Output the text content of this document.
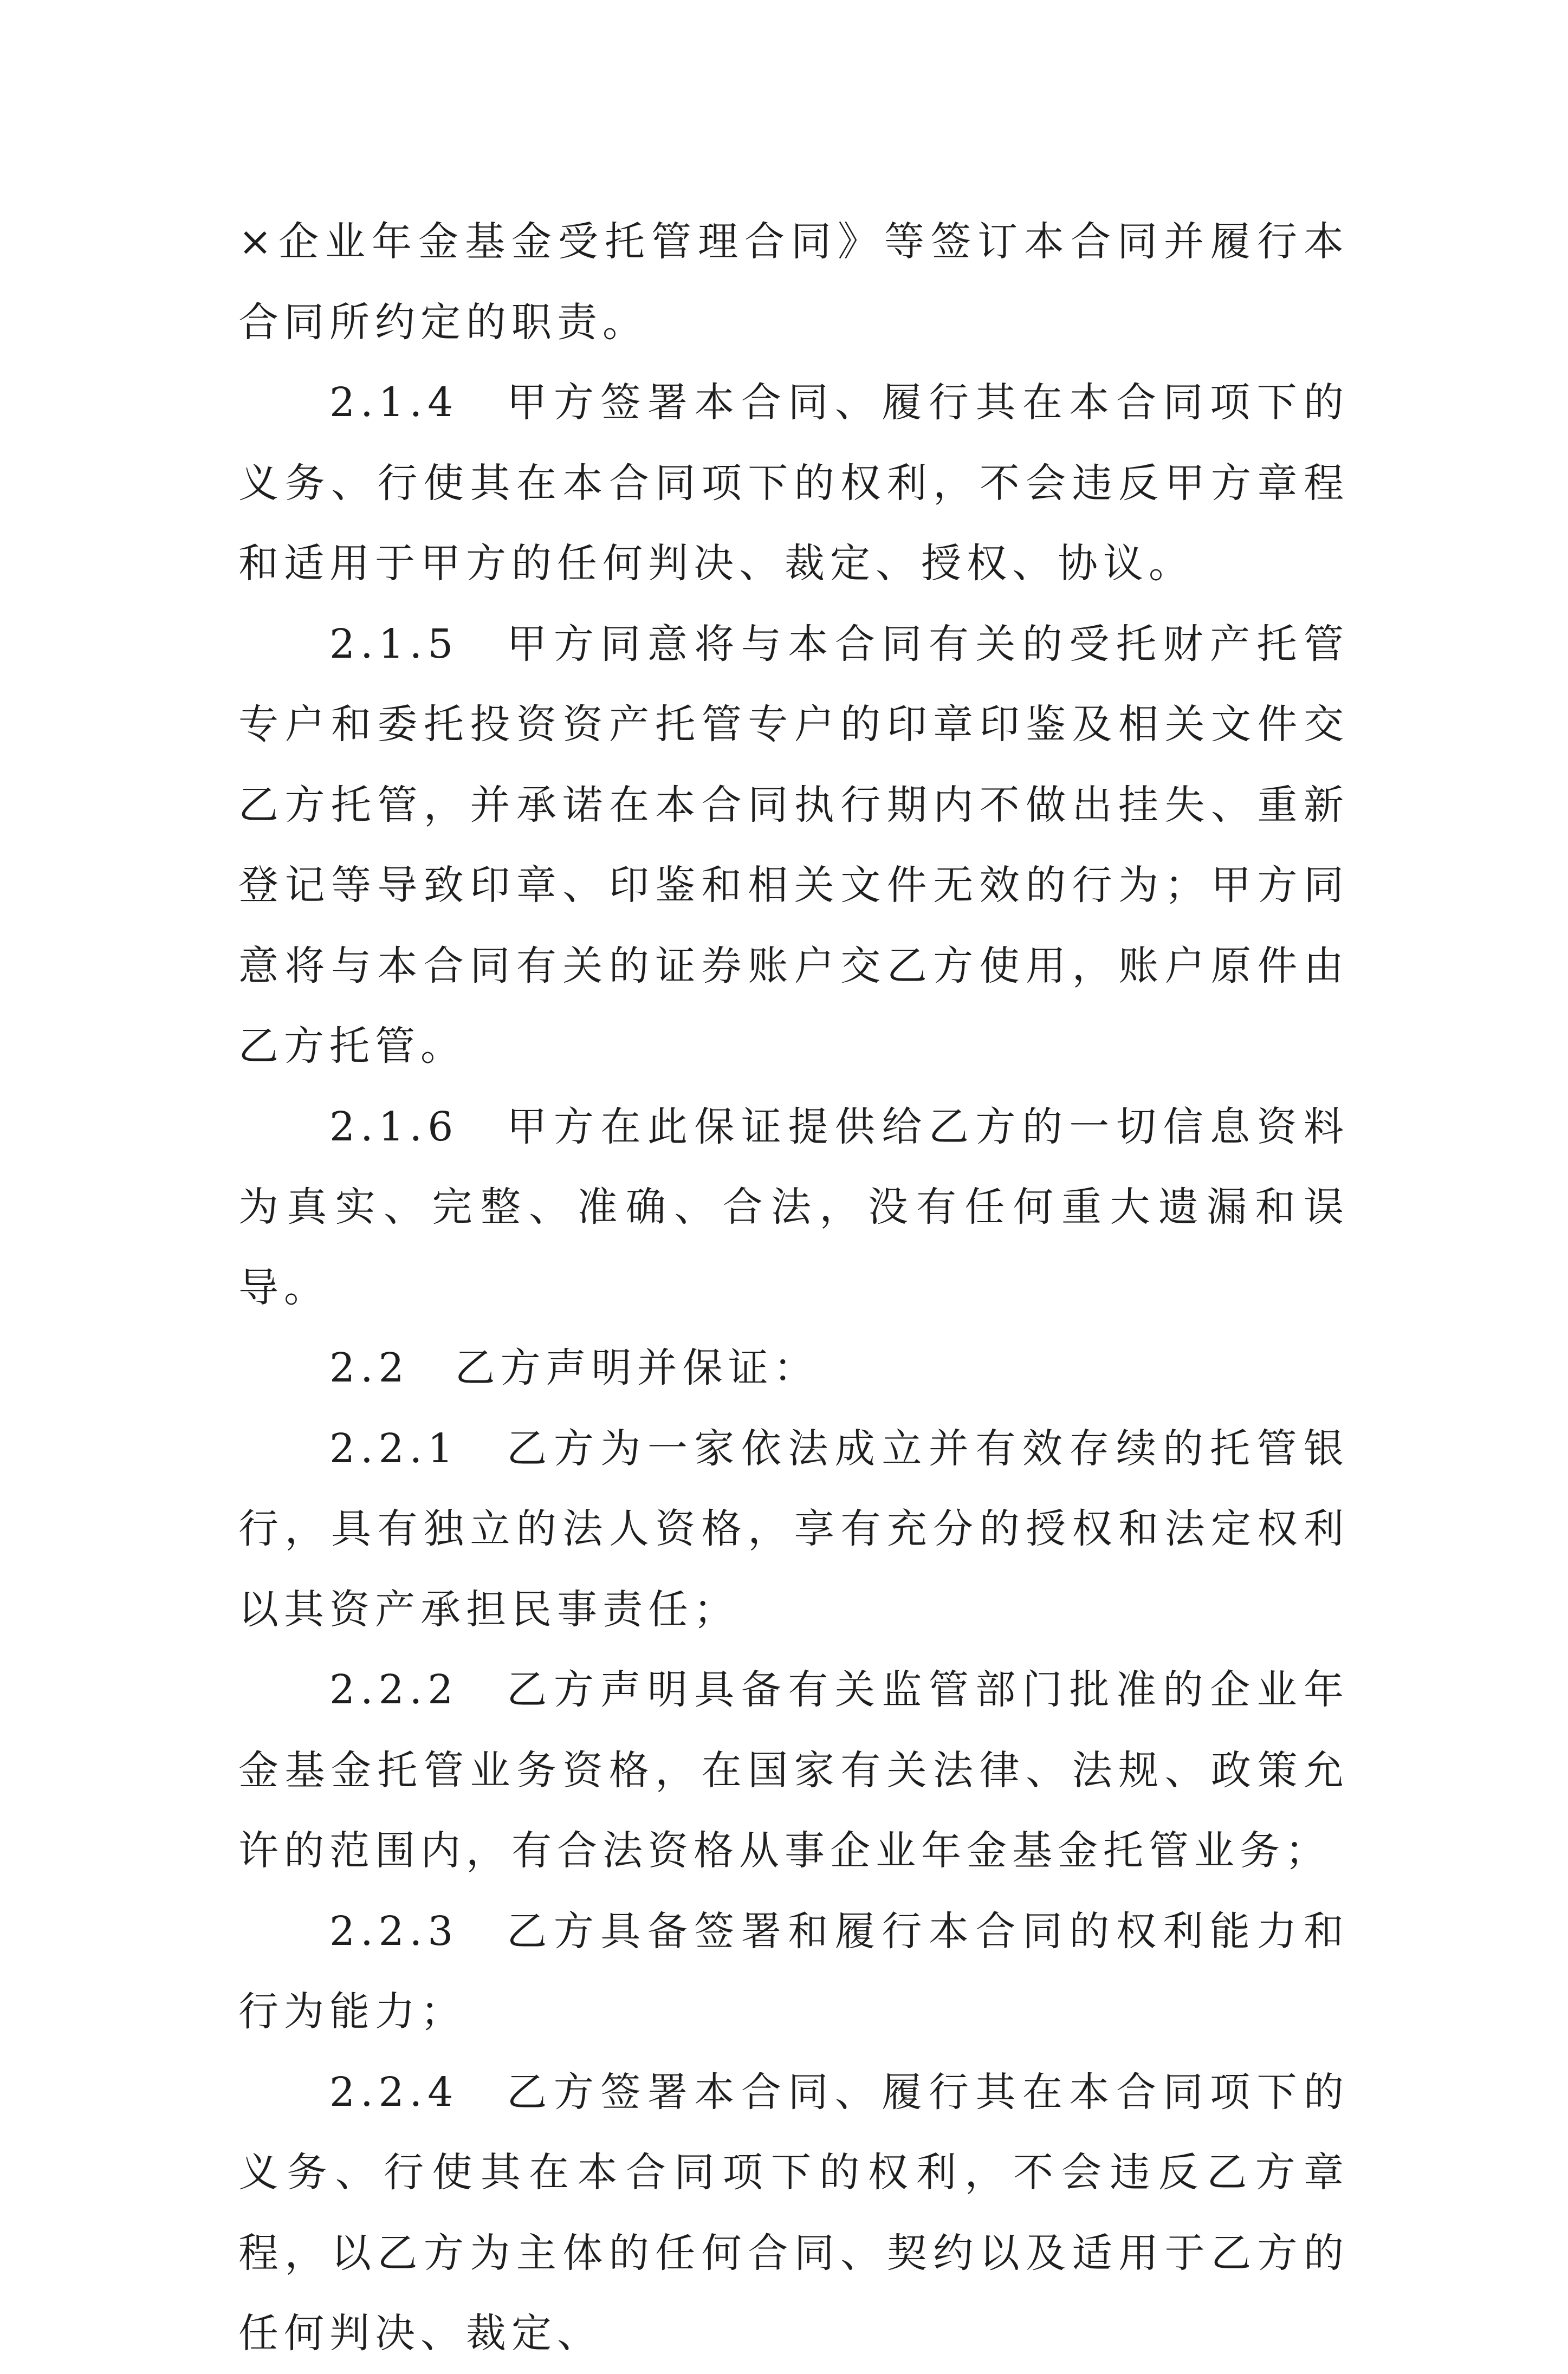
×企业年金基金受托管理合同》等签订本合同并履行本合同所约定的职责。

2.1.4　甲方签署本合同、履行其在本合同项下的义务、行使其在本合同项下的权利，不会违反甲方章程和适用于甲方的任何判决、裁定、授权、协议。

2.1.5　甲方同意将与本合同有关的受托财产托管专户和委托投资资产托管专户的印章印鉴及相关文件交乙方托管，并承诺在本合同执行期内不做出挂失、重新登记等导致印章、印鉴和相关文件无效的行为；甲方同意将与本合同有关的证券账户交乙方使用，账户原件由乙方托管。

2.1.6　甲方在此保证提供给乙方的一切信息资料为真实、完整、准确、合法，没有任何重大遗漏和误导。

2.2　乙方声明并保证：

2.2.1　乙方为一家依法成立并有效存续的托管银行，具有独立的法人资格，享有充分的授权和法定权利以其资产承担民事责任；

2.2.2　乙方声明具备有关监管部门批准的企业年金基金托管业务资格，在国家有关法律、法规、政策允许的范围内，有合法资格从事企业年金基金托管业务；

2.2.3　乙方具备签署和履行本合同的权利能力和行为能力；

2.2.4　乙方签署本合同、履行其在本合同项下的义务、行使其在本合同项下的权利，不会违反乙方章程，以乙方为主体的任何合同、契约以及适用于乙方的任何判决、裁定、
